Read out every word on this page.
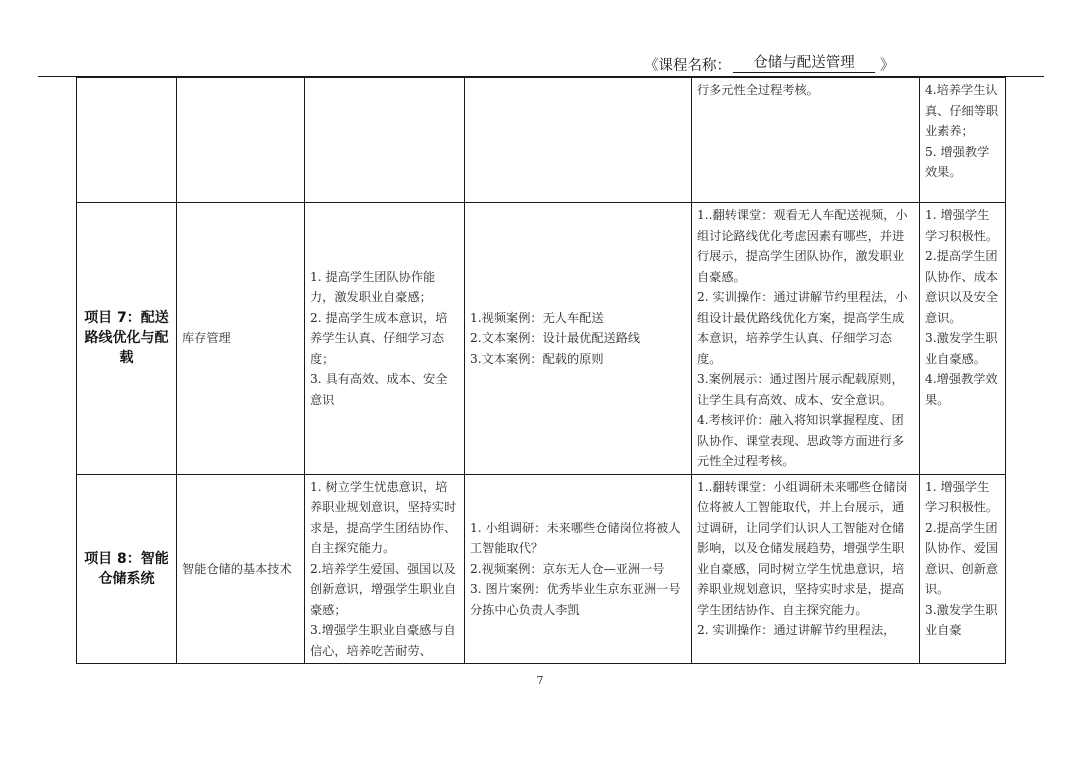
《课程名称：	仓储与配送管理	》

				行多元性全过程考核。	4.培养学生认真、仔细等职业素养；
5. 增强教学效果。

项目 7：配送路线优化与配载	库存管理	1. 提高学生团队协作能力，激发职业自豪感；
2. 提高学生成本意识，培养学生认真、仔细学习态度；
3. 具有高效、成本、安全意识	1.视频案例：无人车配送
2.文本案例：设计最优配送路线
3.文本案例：配载的原则	1..翻转课堂：观看无人车配送视频，小组讨论路线优化考虑因素有哪些，并进行展示，提高学生团队协作，激发职业自豪感。
2. 实训操作：通过讲解节约里程法，小组设计最优路线优化方案，提高学生成本意识，培养学生认真、仔细学习态度。
3.案例展示：通过图片展示配载原则，让学生具有高效、成本、安全意识。
4.考核评价：融入将知识掌握程度、团队协作、课堂表现、思政等方面进行多元性全过程考核。	1. 增强学生学习积极性。
2.提高学生团队协作、成本意识以及安全意识。
3.激发学生职业自豪感。
4.增强教学效果。

项目 8：智能仓储系统	智能仓储的基本技术	1. 树立学生忧患意识，培养职业规划意识，坚持实时求是，提高学生团结协作、自主探究能力。
2.培养学生爱国、强国以及创新意识，增强学生职业自豪感；
3.增强学生职业自豪感与自信心，培养吃苦耐劳、	1. 小组调研：未来哪些仓储岗位将被人工智能取代？
2.视频案例：京东无人仓—亚洲一号
3. 图片案例：优秀毕业生京东亚洲一号分拣中心负责人李凯	1..翻转课堂：小组调研未来哪些仓储岗位将被人工智能取代，并上台展示，通过调研，让同学们认识人工智能对仓储影响，以及仓储发展趋势，增强学生职业自豪感，同时树立学生忧患意识，培养职业规划意识，坚持实时求是，提高学生团结协作、自主探究能力。
2. 实训操作：通过讲解节约里程法，	1. 增强学生学习积极性。
2.提高学生团队协作、爱国意识、创新意识。
3.激发学生职业自豪
7
